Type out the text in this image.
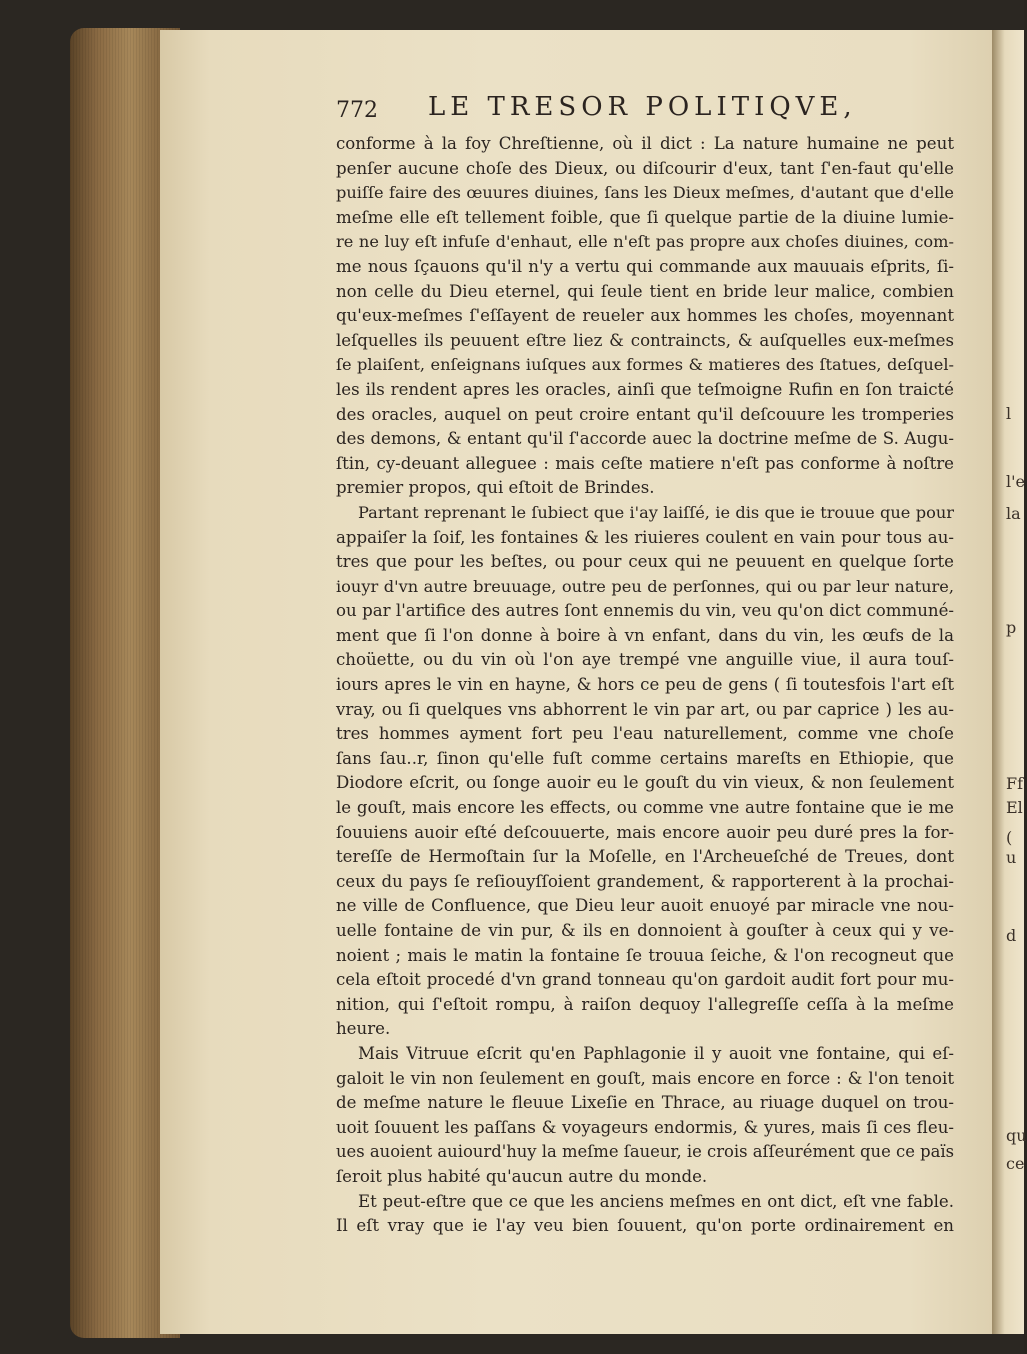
l
l'e
la
p
Ff
El
(
u
d
qu
ce
772 LE TRESOR POLITIQVE,
conforme à la foy Chreſtienne, où il dict : La nature humaine ne peut
penſer aucune choſe des Dieux, ou diſcourir d'eux, tant ſ'en-faut qu'elle
puiſſe faire des œuures diuines, ſans les Dieux meſmes, d'autant que d'elle
meſme elle eſt tellement foible, que ſi quelque partie de la diuine lumie-
re ne luy eſt infuſe d'enhaut, elle n'eſt pas propre aux choſes diuines, com-
me nous ſçauons qu'il n'y a vertu qui commande aux mauuais eſprits, ſi-
non celle du Dieu eternel, qui ſeule tient en bride leur malice, combien
qu'eux-meſmes ſ'eſſayent de reueler aux hommes les choſes, moyennant
leſquelles ils peuuent eſtre liez & contraincts, & auſquelles eux-meſmes
ſe plaiſent, enſeignans iuſques aux formes & matieres des ſtatues, deſquel-
les ils rendent apres les oracles, ainſi que teſmoigne Rufin en ſon traicté
des oracles, auquel on peut croire entant qu'il deſcouure les tromperies
des demons, & entant qu'il ſ'accorde auec la doctrine meſme de S. Augu-
ſtin, cy-deuant alleguee : mais ceſte matiere n'eſt pas conforme à noſtre
premier propos, qui eſtoit de Brindes.
Partant reprenant le ſubiect que i'ay laiſſé, ie dis que ie trouue que pour
appaiſer la ſoif, les fontaines & les riuieres coulent en vain pour tous au-
tres que pour les beſtes, ou pour ceux qui ne peuuent en quelque ſorte
iouyr d'vn autre breuuage, outre peu de perſonnes, qui ou par leur nature,
ou par l'artifice des autres ſont ennemis du vin, veu qu'on dict communé-
ment que ſi l'on donne à boire à vn enfant, dans du vin, les œufs de la
choüette, ou du vin où l'on aye trempé vne anguille viue, il aura touſ-
iours apres le vin en hayne, & hors ce peu de gens ( ſi toutesfois l'art eſt
vray, ou ſi quelques vns abhorrent le vin par art, ou par caprice ) les au-
tres hommes ayment fort peu l'eau naturellement, comme vne choſe
ſans ſau..r, ſinon qu'elle fuſt comme certains mareſts en Ethiopie, que
Diodore eſcrit, ou ſonge auoir eu le gouſt du vin vieux, & non ſeulement
le gouſt, mais encore les effects, ou comme vne autre fontaine que ie me
ſouuiens auoir eſté deſcouuerte, mais encore auoir peu duré pres la for-
tereſſe de Hermoſtain ſur la Moſelle, en l'Archeueſché de Treues, dont
ceux du pays ſe reſiouyſſoient grandement, & rapporterent à la prochai-
ne ville de Confluence, que Dieu leur auoit enuoyé par miracle vne nou-
uelle fontaine de vin pur, & ils en donnoient à gouſter à ceux qui y ve-
noient ; mais le matin la fontaine ſe trouua ſeiche, & l'on recogneut que
cela eſtoit procedé d'vn grand tonneau qu'on gardoit audit fort pour mu-
nition, qui ſ'eſtoit rompu, à raiſon dequoy l'allegreſſe ceſſa à la meſme
heure.
Mais Vitruue eſcrit qu'en Paphlagonie il y auoit vne fontaine, qui eſ-
galoit le vin non ſeulement en gouſt, mais encore en force : & l'on tenoit
de meſme nature le fleuue Lixeſie en Thrace, au riuage duquel on trou-
uoit ſouuent les paſſans & voyageurs endormis, & yures, mais ſi ces fleu-
ues auoient auiourd'huy la meſme ſaueur, ie crois aſſeurément que ce païs
ſeroit plus habité qu'aucun autre du monde.
Et peut-eſtre que ce que les anciens meſmes en ont dict, eſt vne fable.
Il eſt vray que ie l'ay veu bien ſouuent, qu'on porte ordinairement en
